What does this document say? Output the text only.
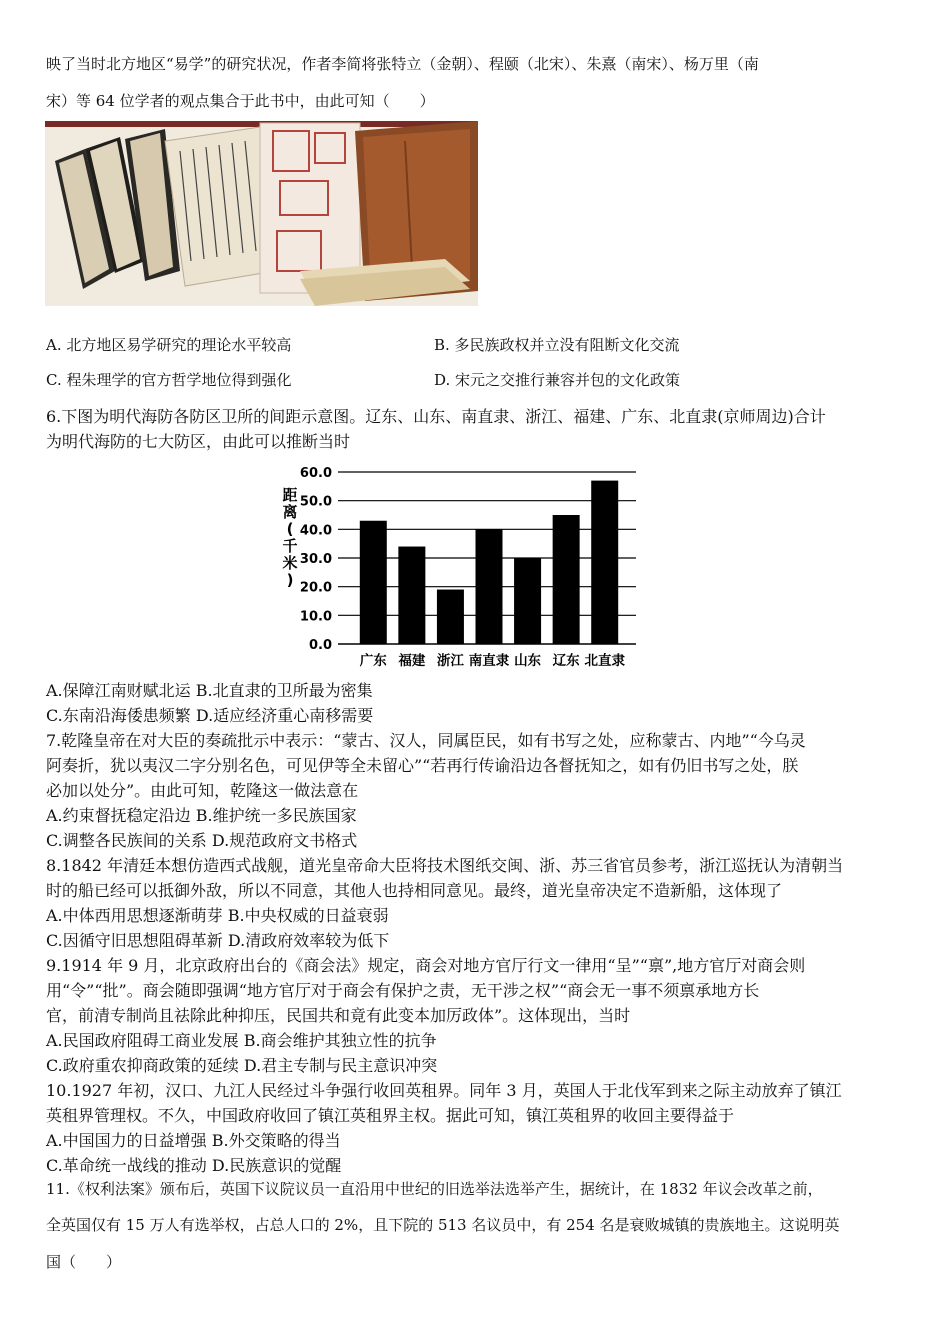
映了当时北方地区“易学”的研究状况，作者李简将张特立（金朝）、程颐（北宋）、朱熹（南宋）、杨万里（南
宋）等 64 位学者的观点集合于此书中，由此可知（　　）
A. 北方地区易学研究的理论水平较高	B. 多民族政权并立没有阻断文化交流
C. 程朱理学的官方哲学地位得到强化	D. 宋元之交推行兼容并包的文化政策
6.下图为明代海防各防区卫所的间距示意图。辽东、山东、南直隶、浙江、福建、广东、北直隶(京师周边)合计
为明代海防的七大防区，由此可以推断当时
距
离
(
千
米
)
0.0
10.0
20.0
30.0
40.0
50.0
60.0
广东 福建 浙江 南直隶 山东 辽东 北直隶
A.保障江南财赋北运 B.北直隶的卫所最为密集
C.东南沿海倭患频繁 D.适应经济重心南移需要
7.乾隆皇帝在对大臣的奏疏批示中表示：“蒙古、汉人，同属臣民，如有书写之处，应称蒙古、内地”“今乌灵
阿奏折，犹以夷汉二字分别名色，可见伊等全未留心”“若再行传谕沿边各督抚知之，如有仍旧书写之处，朕
必加以处分”。由此可知，乾隆这一做法意在
A.约束督抚稳定沿边 B.维护统一多民族国家
C.调整各民族间的关系 D.规范政府文书格式
8.1842 年清廷本想仿造西式战舰，道光皇帝命大臣将技术图纸交闽、浙、苏三省官员参考，浙江巡抚认为清朝当
时的船已经可以抵御外敌，所以不同意，其他人也持相同意见。最终，道光皇帝决定不造新船，这体现了
A.中体西用思想逐渐萌芽 B.中央权威的日益衰弱
C.因循守旧思想阻碍革新 D.清政府效率较为低下
9.1914 年 9 月，北京政府出台的《商会法》规定，商会对地方官厅行文一律用“呈”“禀”,地方官厅对商会则
用“令”“批”。商会随即强调“地方官厅对于商会有保护之责，无干涉之权”“商会无一事不须禀承地方长
官，前清专制尚且祛除此种抑压，民国共和竟有此变本加厉政体”。这体现出，当时
A.民国政府阻碍工商业发展 B.商会维护其独立性的抗争
C.政府重农抑商政策的延续 D.君主专制与民主意识冲突
10.1927 年初，汉口、九江人民经过斗争强行收回英租界。同年 3 月，英国人于北伐军到来之际主动放弃了镇江
英租界管理权。不久，中国政府收回了镇江英租界主权。据此可知，镇江英租界的收回主要得益于
A.中国国力的日益增强 B.外交策略的得当
C.革命统一战线的推动 D.民族意识的觉醒
11.《权利法案》颁布后，英国下议院议员一直沿用中世纪的旧选举法选举产生，据统计，在 1832 年议会改革之前，
全英国仅有 15 万人有选举权，占总人口的 2%，且下院的 513 名议员中，有 254 名是衰败城镇的贵族地主。这说明英
国（　　）
